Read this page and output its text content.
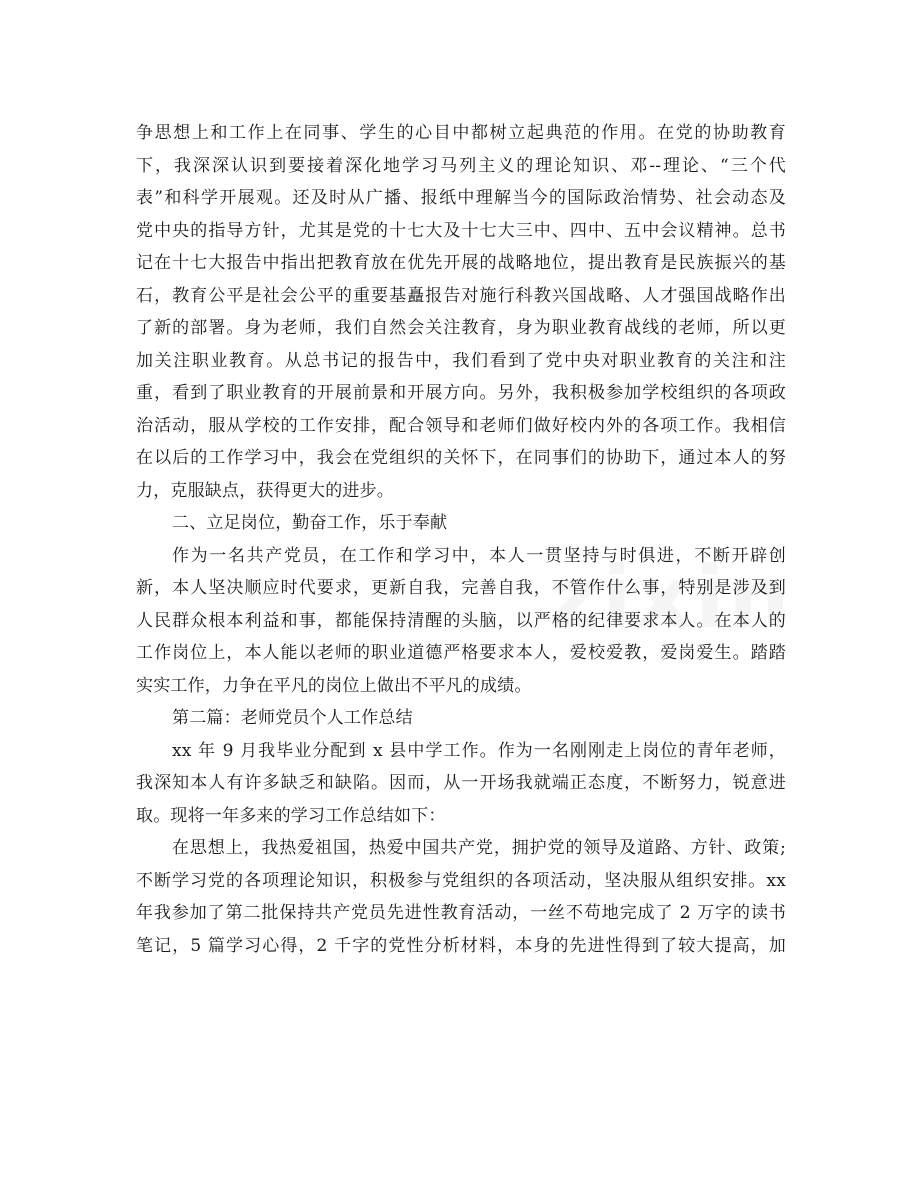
争思想上和工作上在同事、学生的心目中都树立起典范的作用。在党的协助教育
下，我深深认识到要接着深化地学习马列主义的理论知识、邓--理论、“三个代
表”和科学开展观。还及时从广播、报纸中理解当今的国际政治情势、社会动态及
党中央的指导方针，尤其是党的十七大及十七大三中、四中、五中会议精神。总书
记在十七大报告中指出把教育放在优先开展的战略地位，提出教育是民族振兴的基
石，教育公平是社会公平的重要基矗报告对施行科教兴国战略、人才强国战略作出
了新的部署。身为老师，我们自然会关注教育，身为职业教育战线的老师，所以更
加关注职业教育。从总书记的报告中，我们看到了党中央对职业教育的关注和注
重，看到了职业教育的开展前景和开展方向。另外，我积极参加学校组织的各项政
治活动，服从学校的工作安排，配合领导和老师们做好校内外的各项工作。我相信
在以后的工作学习中，我会在党组织的关怀下，在同事们的协助下，通过本人的努
力，克服缺点，获得更大的进步。
二、立足岗位，勤奋工作，乐于奉献
作为一名共产党员，在工作和学习中，本人一贯坚持与时俱进，不断开辟创
新，本人坚决顺应时代要求，更新自我，完善自我，不管作什么事，特别是涉及到
人民群众根本利益和事，都能保持清醒的头脑，以严格的纪律要求本人。在本人的
工作岗位上，本人能以老师的职业道德严格要求本人，爱校爱教，爱岗爱生。踏踏
实实工作，力争在平凡的岗位上做出不平凡的成绩。
第二篇：老师党员个人工作总结
xx 年 9 月我毕业分配到 x 县中学工作。作为一名刚刚走上岗位的青年老师，
我深知本人有许多缺乏和缺陷。因而，从一开场我就端正态度，不断努力，锐意进
取。现将一年多来的学习工作总结如下：
在思想上，我热爱祖国，热爱中国共产党，拥护党的领导及道路、方针、政策;
不断学习党的各项理论知识，积极参与党组织的各项活动，坚决服从组织安排。xx
年我参加了第二批保持共产党员先进性教育活动，一丝不苟地完成了 2 万字的读书
笔记，5 篇学习心得，2 千字的党性分析材料，本身的先进性得到了较大提高，加
